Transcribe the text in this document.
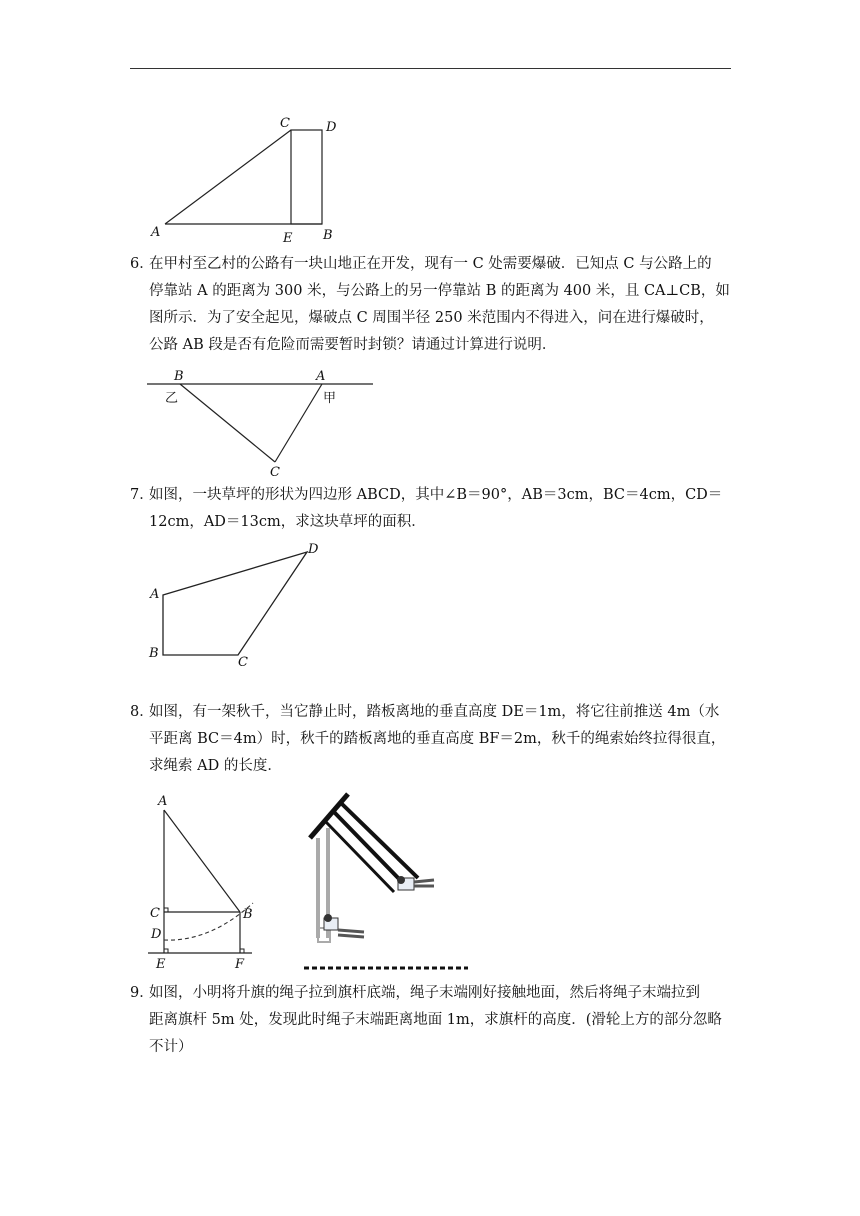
A
C	D
E B

6．在甲村至乙村的公路有一块山地正在开发，现有一 C 处需要爆破．已知点 C 与公路上的

停靠站 A 的距离为 300 米，与公路上的另一停靠站 B 的距离为 400 米，且 CA⊥CB，如

图所示．为了安全起见，爆破点 C 周围半径 250 米范围内不得进入，问在进行爆破时，

公路 AB 段是否有危险而需要暂时封锁？请通过计算进行说明．

B	A
乙	甲
C

7．如图，一块草坪的形状为四边形 ABCD，其中∠B＝90°，AB＝3cm，BC＝4cm，CD＝

12cm，AD＝13cm，求这块草坪的面积．

A
B
C
D

8．如图，有一架秋千，当它静止时，踏板离地的垂直高度 DE＝1m，将它往前推送 4m（水

平距离 BC＝4m）时，秋千的踏板离地的垂直高度 BF＝2m，秋千的绳索始终拉得很直，

求绳索 AD 的长度．

A
C	B
D
E	F

9．如图，小明将升旗的绳子拉到旗杆底端，绳子末端刚好接触地面，然后将绳子末端拉到

距离旗杆 5m 处，发现此时绳子末端距离地面 1m，求旗杆的高度．(滑轮上方的部分忽略

不计）
